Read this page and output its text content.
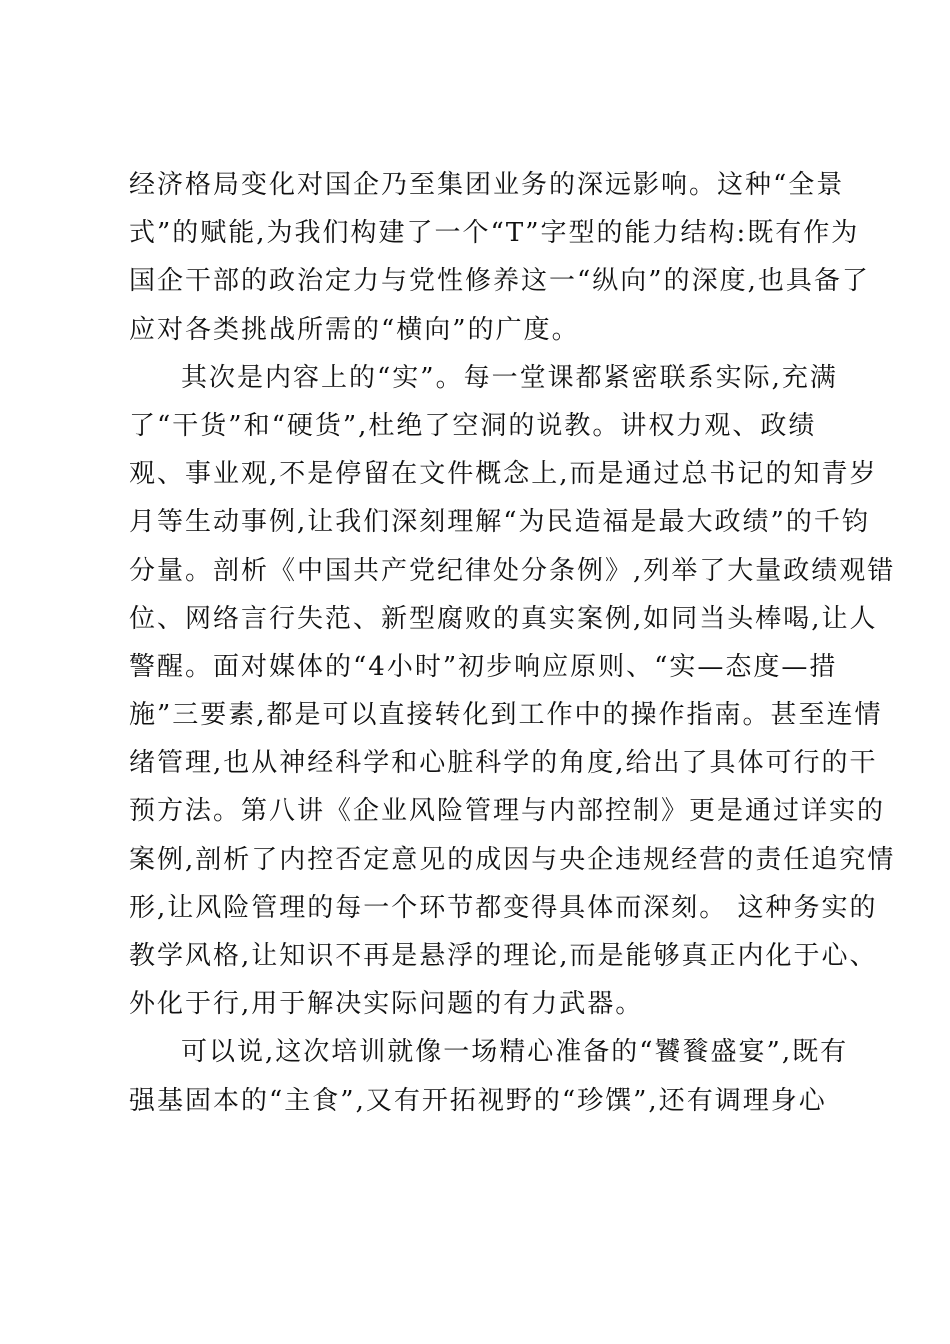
经济格局变化对国企乃至集团业务的深远影响。这种“全景
式”的赋能,为我们构建了一个“T”字型的能力结构:既有作为
国企干部的政治定力与党性修养这一“纵向”的深度,也具备了
应对各类挑战所需的“横向”的广度。
其次是内容上的“实”。每一堂课都紧密联系实际,充满
了“干货”和“硬货”,杜绝了空洞的说教。讲权力观、政绩
观、事业观,不是停留在文件概念上,而是通过总书记的知青岁
月等生动事例,让我们深刻理解“为民造福是最大政绩”的千钧
分量。剖析《中国共产党纪律处分条例》,列举了大量政绩观错
位、网络言行失范、新型腐败的真实案例,如同当头棒喝,让人
警醒。面对媒体的“4小时”初步响应原则、“实—态度—措
施”三要素,都是可以直接转化到工作中的操作指南。甚至连情
绪管理,也从神经科学和心脏科学的角度,给出了具体可行的干
预方法。第八讲《企业风险管理与内部控制》更是通过详实的
案例,剖析了内控否定意见的成因与央企违规经营的责任追究情
形,让风险管理的每一个环节都变得具体而深刻。 这种务实的
教学风格,让知识不再是悬浮的理论,而是能够真正内化于心、
外化于行,用于解决实际问题的有力武器。
可以说,这次培训就像一场精心准备的“饕餮盛宴”,既有
强基固本的“主食”,又有开拓视野的“珍馔”,还有调理身心
